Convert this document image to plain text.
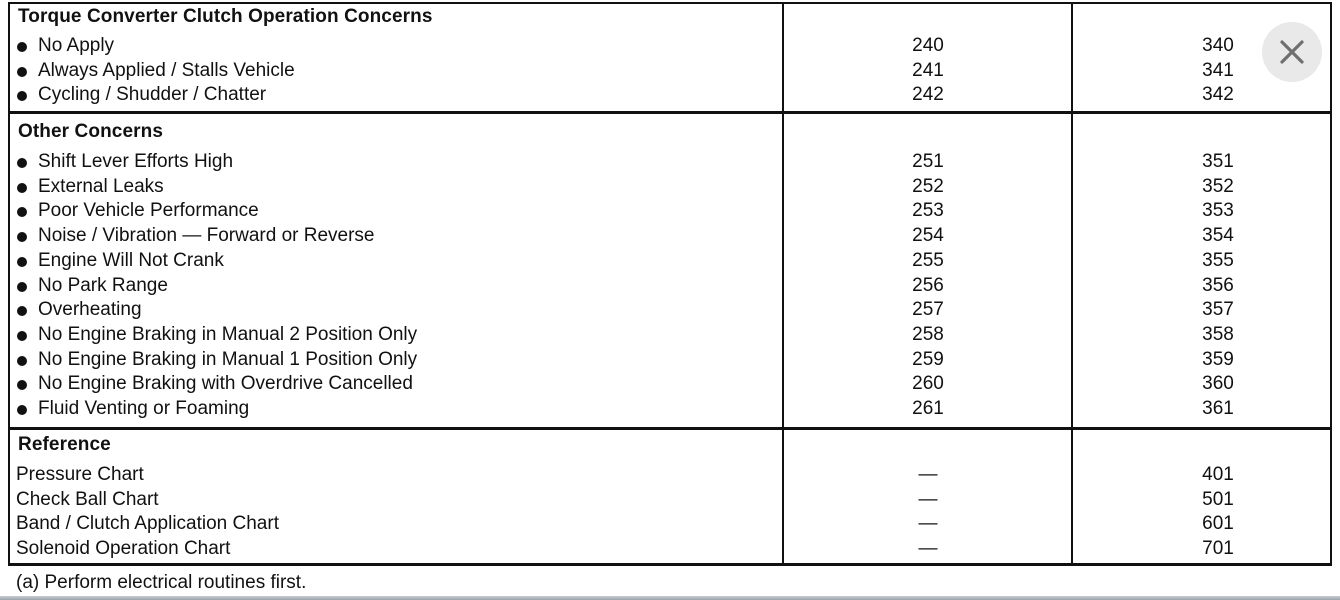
Torque Converter Clutch Operation Concerns
No Apply	240	340
Always Applied / Stalls Vehicle	241	341
Cycling / Shudder / Chatter	242	342
Other Concerns
Shift Lever Efforts High	251	351
External Leaks	252	352
Poor Vehicle Performance	253	353
Noise / Vibration — Forward or Reverse	254	354
Engine Will Not Crank	255	355
No Park Range	256	356
Overheating	257	357
No Engine Braking in Manual 2 Position Only	258	358
No Engine Braking in Manual 1 Position Only	259	359
No Engine Braking with Overdrive Cancelled	260	360
Fluid Venting or Foaming	261	361
Reference
Pressure Chart	—	401
Check Ball Chart	—	501
Band / Clutch Application Chart	—	601
Solenoid Operation Chart	—	701
(a) Perform electrical routines first.
